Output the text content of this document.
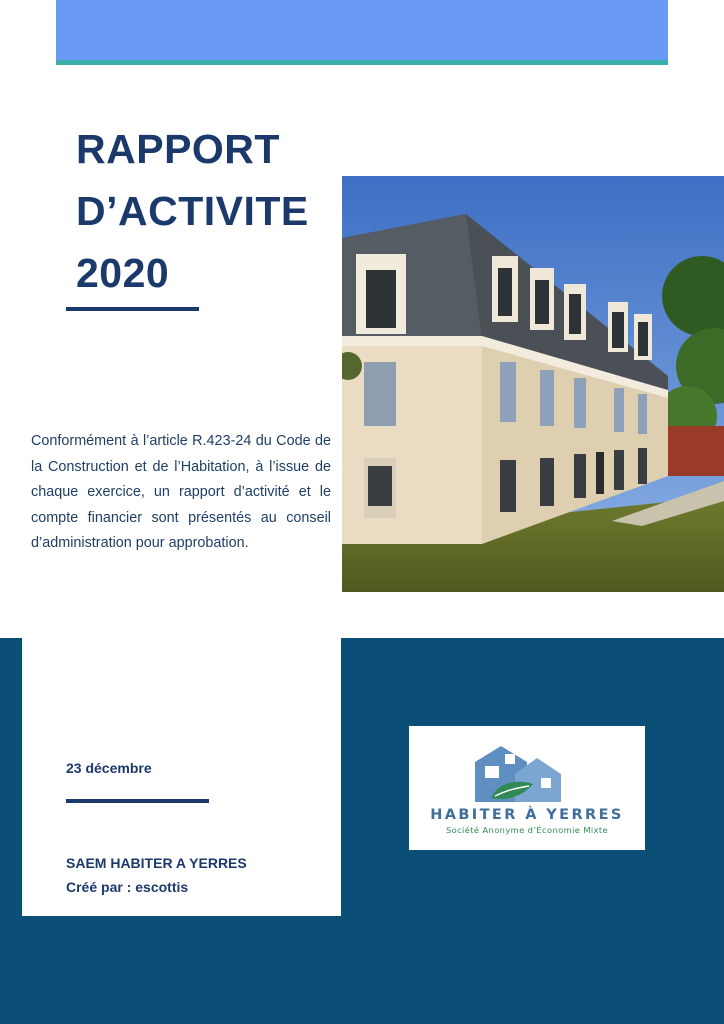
RAPPORT
D’ACTIVITE
2020

Conformément à l’article R.423-24 du Code de la Construction et de l’Habitation, à l’issue de chaque exercice, un rapport d’activité et le compte financier sont présentés au conseil d’administration pour approbation.

23 décembre
SAEM HABITER A YERRES
Créé par : escottis
HABITER À YERRES
Société Anonyme d’Économie Mixte
